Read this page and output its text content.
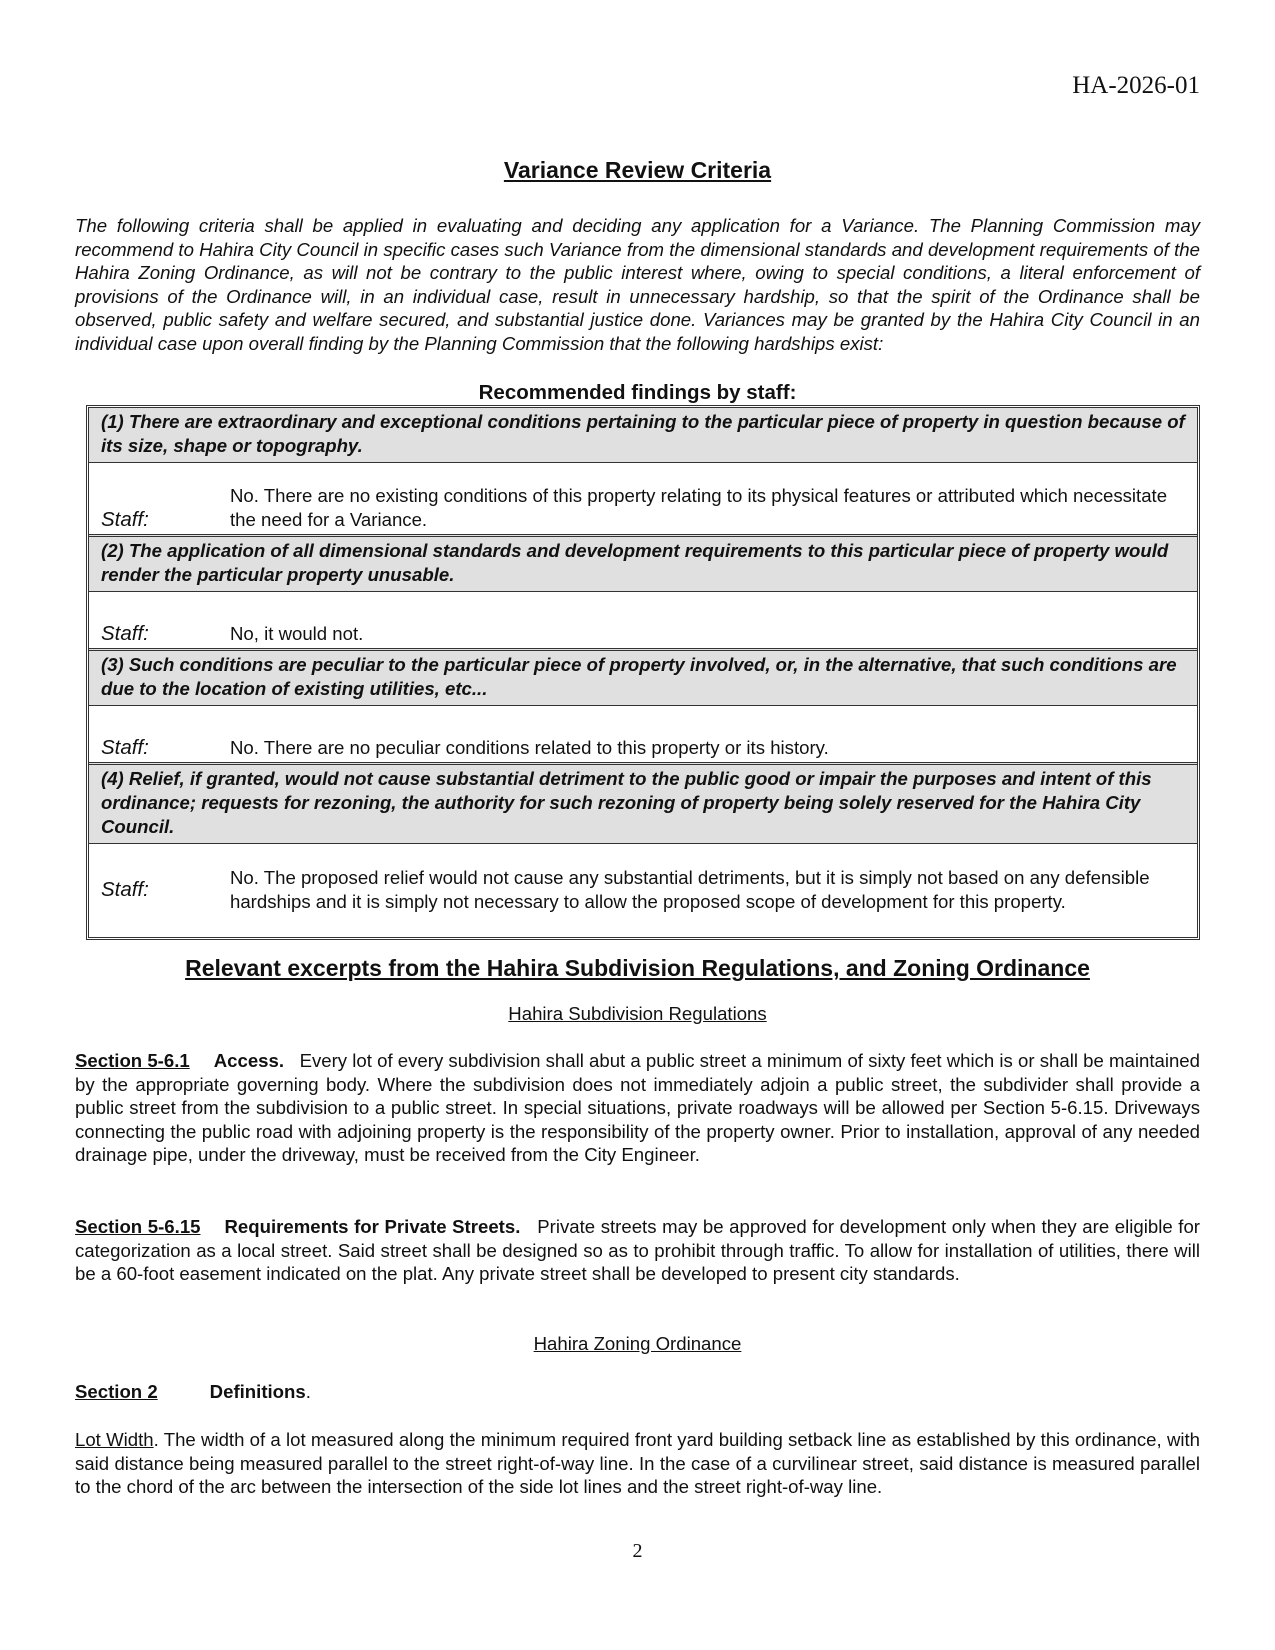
HA-2026-01
Variance Review Criteria

The following criteria shall be applied in evaluating and deciding any application for a Variance. The Planning Commission may recommend to Hahira City Council in specific cases such Variance from the dimensional standards and development requirements of the Hahira Zoning Ordinance, as will not be contrary to the public interest where, owing to special conditions, a literal enforcement of provisions of the Ordinance will, in an individual case, result in unnecessary hardship, so that the spirit of the Ordinance shall be observed, public safety and welfare secured, and substantial justice done. Variances may be granted by the Hahira City Council in an individual case upon overall finding by the Planning Commission that the following hardships exist:

Recommended findings by staff:
(1) There are extraordinary and exceptional conditions pertaining to the particular piece of property in question because of its size, shape or topography.
Staff:
No. There are no existing conditions of this property relating to its physical features or attributed which necessitate the need for a Variance.
(2) The application of all dimensional standards and development requirements to this particular piece of property would render the particular property unusable.
Staff:	No, it would not.
(3) Such conditions are peculiar to the particular piece of property involved, or, in the alternative, that such conditions are due to the location of existing utilities, etc...
Staff:	No. There are no peculiar conditions related to this property or its history.
(4) Relief, if granted, would not cause substantial detriment to the public good or impair the purposes and intent of this ordinance; requests for rezoning, the authority for such rezoning of property being solely reserved for the Hahira City Council.
Staff:
No. The proposed relief would not cause any substantial detriments, but it is simply not based on any defensible hardships and it is simply not necessary to allow the proposed scope of development for this property.
Relevant excerpts from the Hahira Subdivision Regulations, and Zoning Ordinance
Hahira Subdivision Regulations

Section 5-6.1 Access. Every lot of every subdivision shall abut a public street a minimum of sixty feet which is or shall be maintained by the appropriate governing body. Where the subdivision does not immediately adjoin a public street, the subdivider shall provide a public street from the subdivision to a public street. In special situations, private roadways will be allowed per Section 5-6.15. Driveways connecting the public road with adjoining property is the responsibility of the property owner. Prior to installation, approval of any needed drainage pipe, under the driveway, must be received from the City Engineer.

Section 5-6.15 Requirements for Private Streets. Private streets may be approved for development only when they are eligible for categorization as a local street. Said street shall be designed so as to prohibit through traffic. To allow for installation of utilities, there will be a 60-foot easement indicated on the plat. Any private street shall be developed to present city standards.

Hahira Zoning Ordinance

Section 2	Definitions.

Lot Width. The width of a lot measured along the minimum required front yard building setback line as established by this ordinance, with said distance being measured parallel to the street right-of-way line. In the case of a curvilinear street, said distance is measured parallel to the chord of the arc between the intersection of the side lot lines and the street right-of-way line.

2
